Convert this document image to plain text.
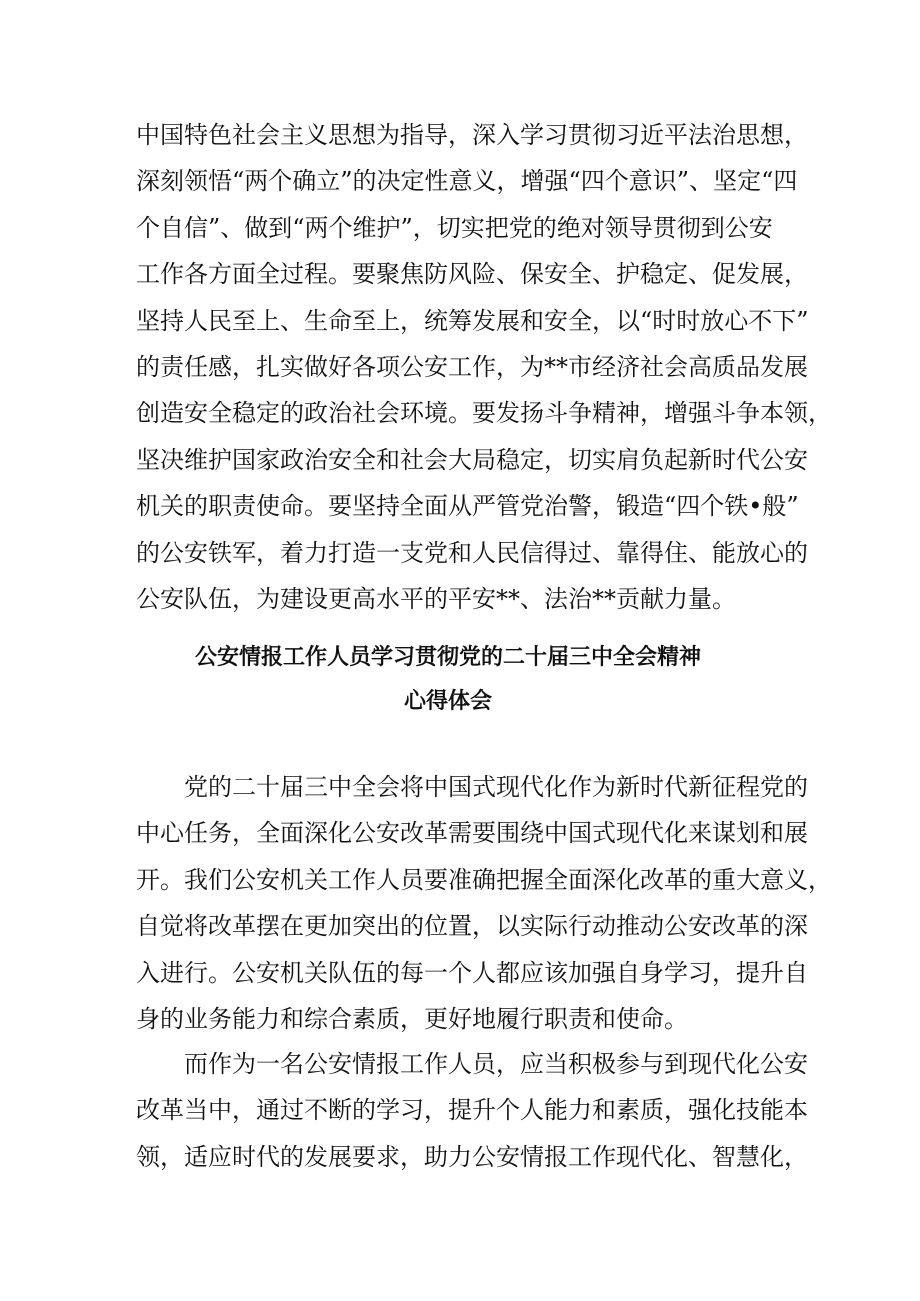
中国特色社会主义思想为指导，深入学习贯彻习近平法治思想，
深刻领悟“两个确立”的决定性意义，增强“四个意识”、坚定“四
个自信”、做到“两个维护”，切实把党的绝对领导贯彻到公安
工作各方面全过程。要聚焦防风险、保安全、护稳定、促发展，
坚持人民至上、生命至上，统筹发展和安全，以“时时放心不下”
的责任感，扎实做好各项公安工作，为**市经济社会高质品发展
创造安全稳定的政治社会环境。要发扬斗争精神，增强斗争本领，
坚决维护国家政治安全和社会大局稳定，切实肩负起新时代公安
机关的职责使命。要坚持全面从严管党治警，锻造“四个铁•般”
的公安铁军，着力打造一支党和人民信得过、靠得住、能放心的
公安队伍，为建设更高水平的平安**、法治**贡献力量。
公安情报工作人员学习贯彻党的二十届三中全会精神
心得体会
　　党的二十届三中全会将中国式现代化作为新时代新征程党的
中心任务，全面深化公安改革需要围绕中国式现代化来谋划和展
开。我们公安机关工作人员要准确把握全面深化改革的重大意义，
自觉将改革摆在更加突出的位置，以实际行动推动公安改革的深
入进行。公安机关队伍的每一个人都应该加强自身学习，提升自
身的业务能力和综合素质，更好地履行职责和使命。
　　而作为一名公安情报工作人员，应当积极参与到现代化公安
改革当中，通过不断的学习，提升个人能力和素质，强化技能本
领，适应时代的发展要求，助力公安情报工作现代化、智慧化，
